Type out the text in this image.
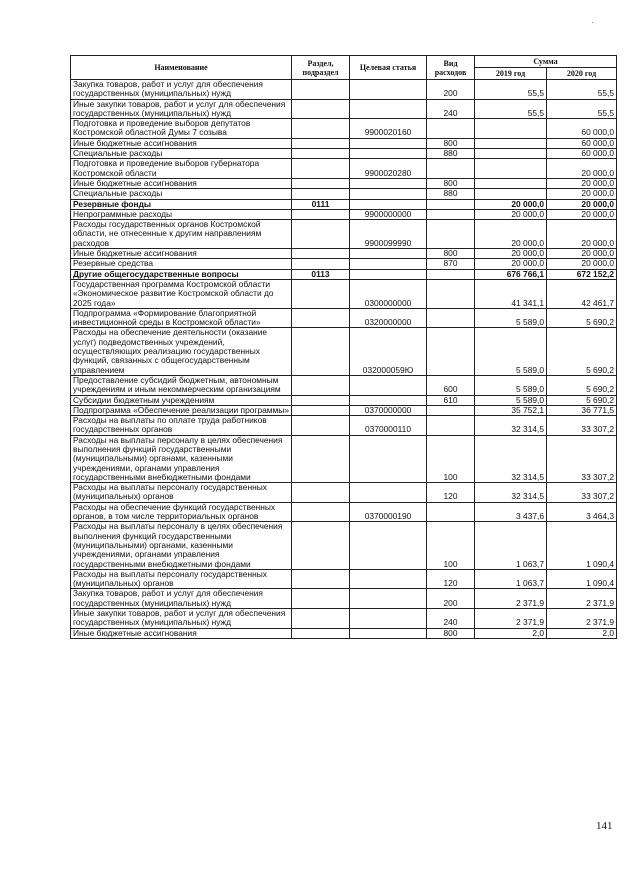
Наименование	Раздел, подраздел	Целевая статья	Вид расходов	Сумма	
				2019 год	2020 год
Закупка товаров, работ и услуг для обеспечения государственных (муниципальных) нужд			200	55,5	55,5
Иные закупки товаров, работ и услуг для обеспечения государственных (муниципальных) нужд			240	55,5	55,5
Подготовка и проведение выборов депутатов Костромской областной Думы 7 созыва		9900020160			60 000,0
Иные бюджетные ассигнования			800		60 000,0
Специальные расходы			880		60 000,0
Подготовка и проведение выборов губернатора Костромской области		9900020280			20 000,0
Иные бюджетные ассигнования			800		20 000,0
Специальные расходы			880		20 000,0
Резервные фонды	0111			20 000,0	20 000,0
Непрограммные расходы		9900000000		20 000,0	20 000,0
Расходы государственных органов Костромской области, не отнесенные к другим направлениям расходов		9900099990		20 000,0	20 000,0
Иные бюджетные ассигнования			800	20 000,0	20 000,0
Резервные средства			870	20 000,0	20 000,0
Другие общегосударственные вопросы	0113			676 766,1	672 152,2
Государственная программа Костромской области «Экономическое развитие Костромской области до 2025 года»		0300000000		41 341,1	42 461,7
Подпрограмма «Формирование благоприятной инвестиционной среды в Костромской области»		0320000000		5 589,0	5 690,2
Расходы на обеспечение деятельности (оказание услуг) подведомственных учреждений, осуществляющих реализацию государственных функций, связанных с общегосударственным управлением		032000059Ю		5 589,0	5 690,2
Предоставление субсидий бюджетным, автономным учреждениям и иным некоммерческим организациям			600	5 589,0	5 690,2
Субсидии бюджетным учреждениям			610	5 589,0	5 690,2
Подпрограмма «Обеспечение реализации программы»		0370000000		35 752,1	36 771,5
Расходы на выплаты по оплате труда работников государственных органов		0370000110		32 314,5	33 307,2
Расходы на выплаты персоналу в целях обеспечения выполнения функций государственными (муниципальными) органами, казенными учреждениями, органами управления государственными внебюджетными фондами			100	32 314,5	33 307,2
Расходы на выплаты персоналу государственных (муниципальных) органов			120	32 314,5	33 307,2
Расходы на обеспечение функций государственных органов, в том числе территориальных органов		0370000190		3 437,6	3 464,3
Расходы на выплаты персоналу в целях обеспечения выполнения функций государственными (муниципальными) органами, казенными учреждениями, органами управления государственными внебюджетными фондами			100	1 063,7	1 090,4
Расходы на выплаты персоналу государственных (муниципальных) органов			120	1 063,7	1 090,4
Закупка товаров, работ и услуг для обеспечения государственных (муниципальных) нужд			200	2 371,9	2 371,9
Иные закупки товаров, работ и услуг для обеспечения государственных (муниципальных) нужд			240	2 371,9	2 371,9
Иные бюджетные ассигнования			800	2,0	2,0
141
